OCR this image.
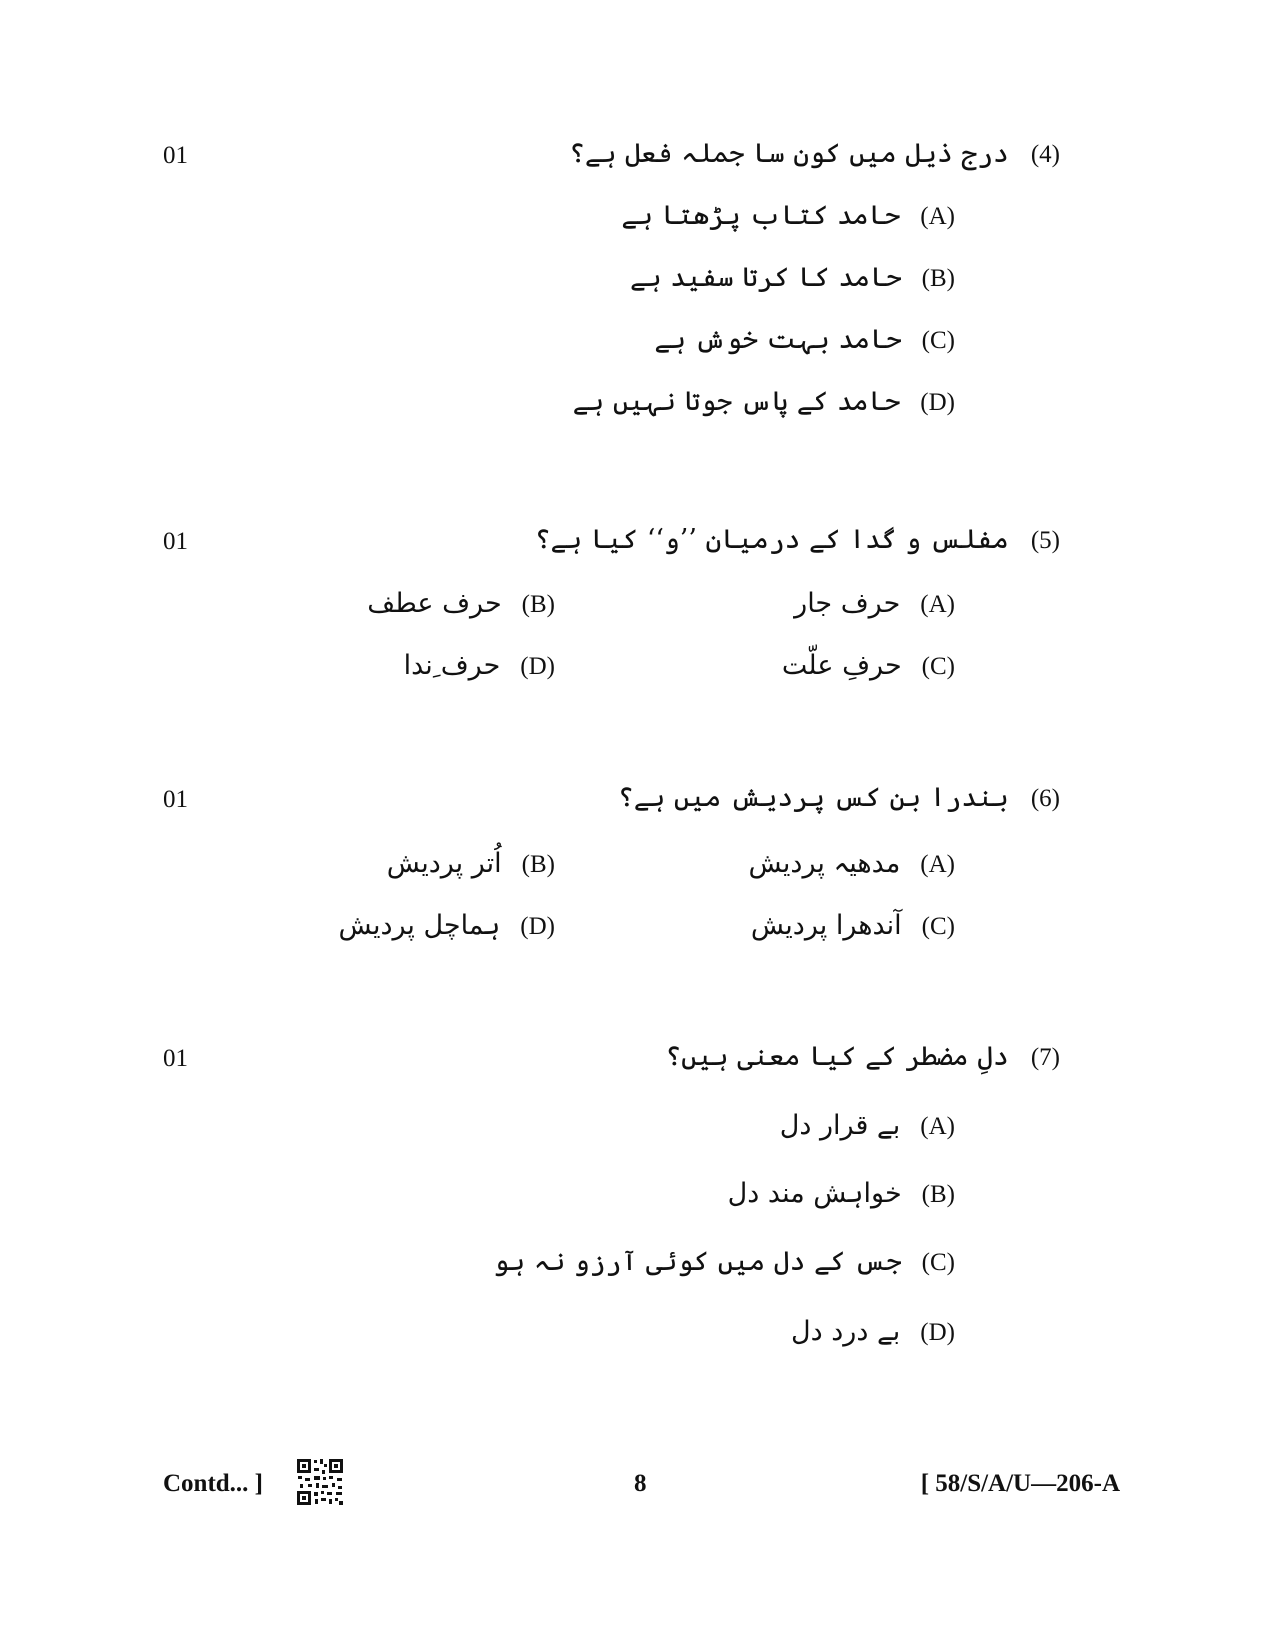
01	(4)درج ذیل میں کون سا جملہ فعل ہے؟
(A)حامد کتاب پڑھتا ہے
(B)حامد کا کرتا سفید ہے
(C)حامد بہت خوش ہے
(D)حامد کے پاس جوتا نہیں ہے
01	(5)مفلس و گدا کے درمیان ’’و‘‘ کیا ہے؟
(A)حرف جار
(B)حرف عطف
(C)حرفِ علّت
(D)حرف ِندا
01	(6)بندرا بن کس پردیش میں ہے؟
(A)مدھیہ پردیش
(B)اُتر پردیش
(C)آندھرا پردیش
(D)ہماچل پردیش
01	(7)دلِ مضطر کے کیا معنی ہیں؟
(A)بے قرار دل
(B)خواہش مند دل
(C)جس کے دل میں کوئی آرزو نہ ہو
(D)بے درد دل
Contd... ]	8	[ 58/S/A/U—206-A
